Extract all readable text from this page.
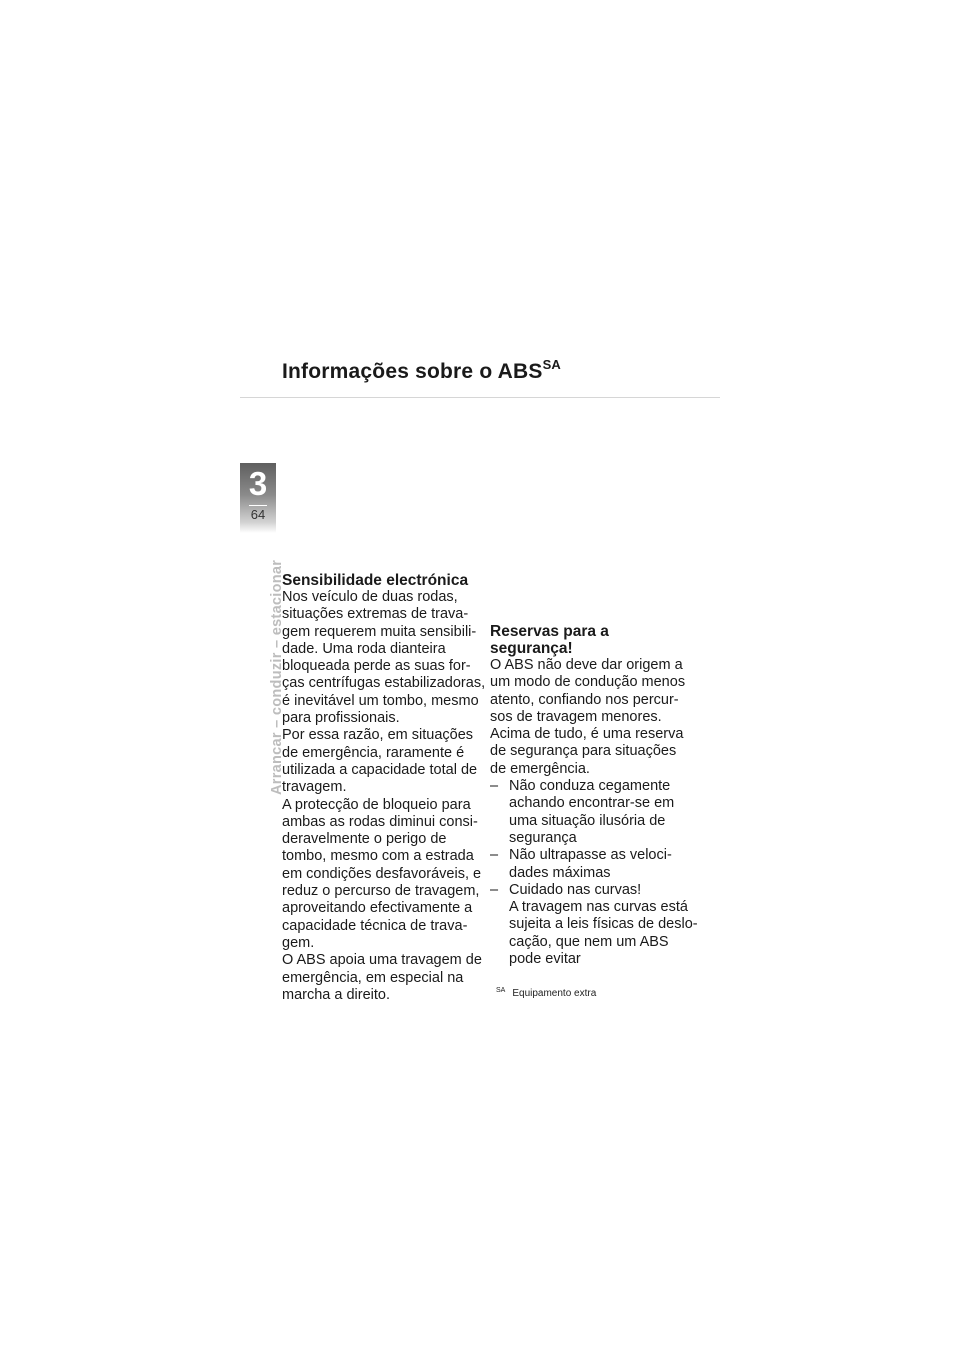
Informações sobre o $ABS^{SA}$
3
64
Arrancar – conduzir – estacionar
Sensibilidade electrónica
Nos veículo de duas rodas,
situações extremas de trava-
gem requerem muita sensibili-
dade. Uma roda dianteira
bloqueada perde as suas for-
ças centrífugas estabilizadoras,
é inevitável um tombo, mesmo
para profissionais.
Por essa razão, em situações
de emergência, raramente é
utilizada a capacidade total de
travagem.
A protecção de bloqueio para
ambas as rodas diminui consi-
deravelmente o perigo de
tombo, mesmo com a estrada
em condições desfavoráveis, e
reduz o percurso de travagem,
aproveitando efectivamente a
capacidade técnica de trava-
gem.
O ABS apoia uma travagem de
emergência, em especial na
marcha a direito.
Reservas para a
segurança!
O ABS não deve dar origem a
um modo de condução menos
atento, confiando nos percur-
sos de travagem menores.
Acima de tudo, é uma reserva
de segurança para situações
de emergência.
– Não conduza cegamente
achando encontrar-se em
uma situação ilusória de
segurança
– Não ultrapasse as veloci-
dades máximas
– Cuidado nas curvas!
A travagem nas curvas está
sujeita a leis físicas de deslo-
cação, que nem um ABS
pode evitar
$^{SA}$ Equipamento extra
